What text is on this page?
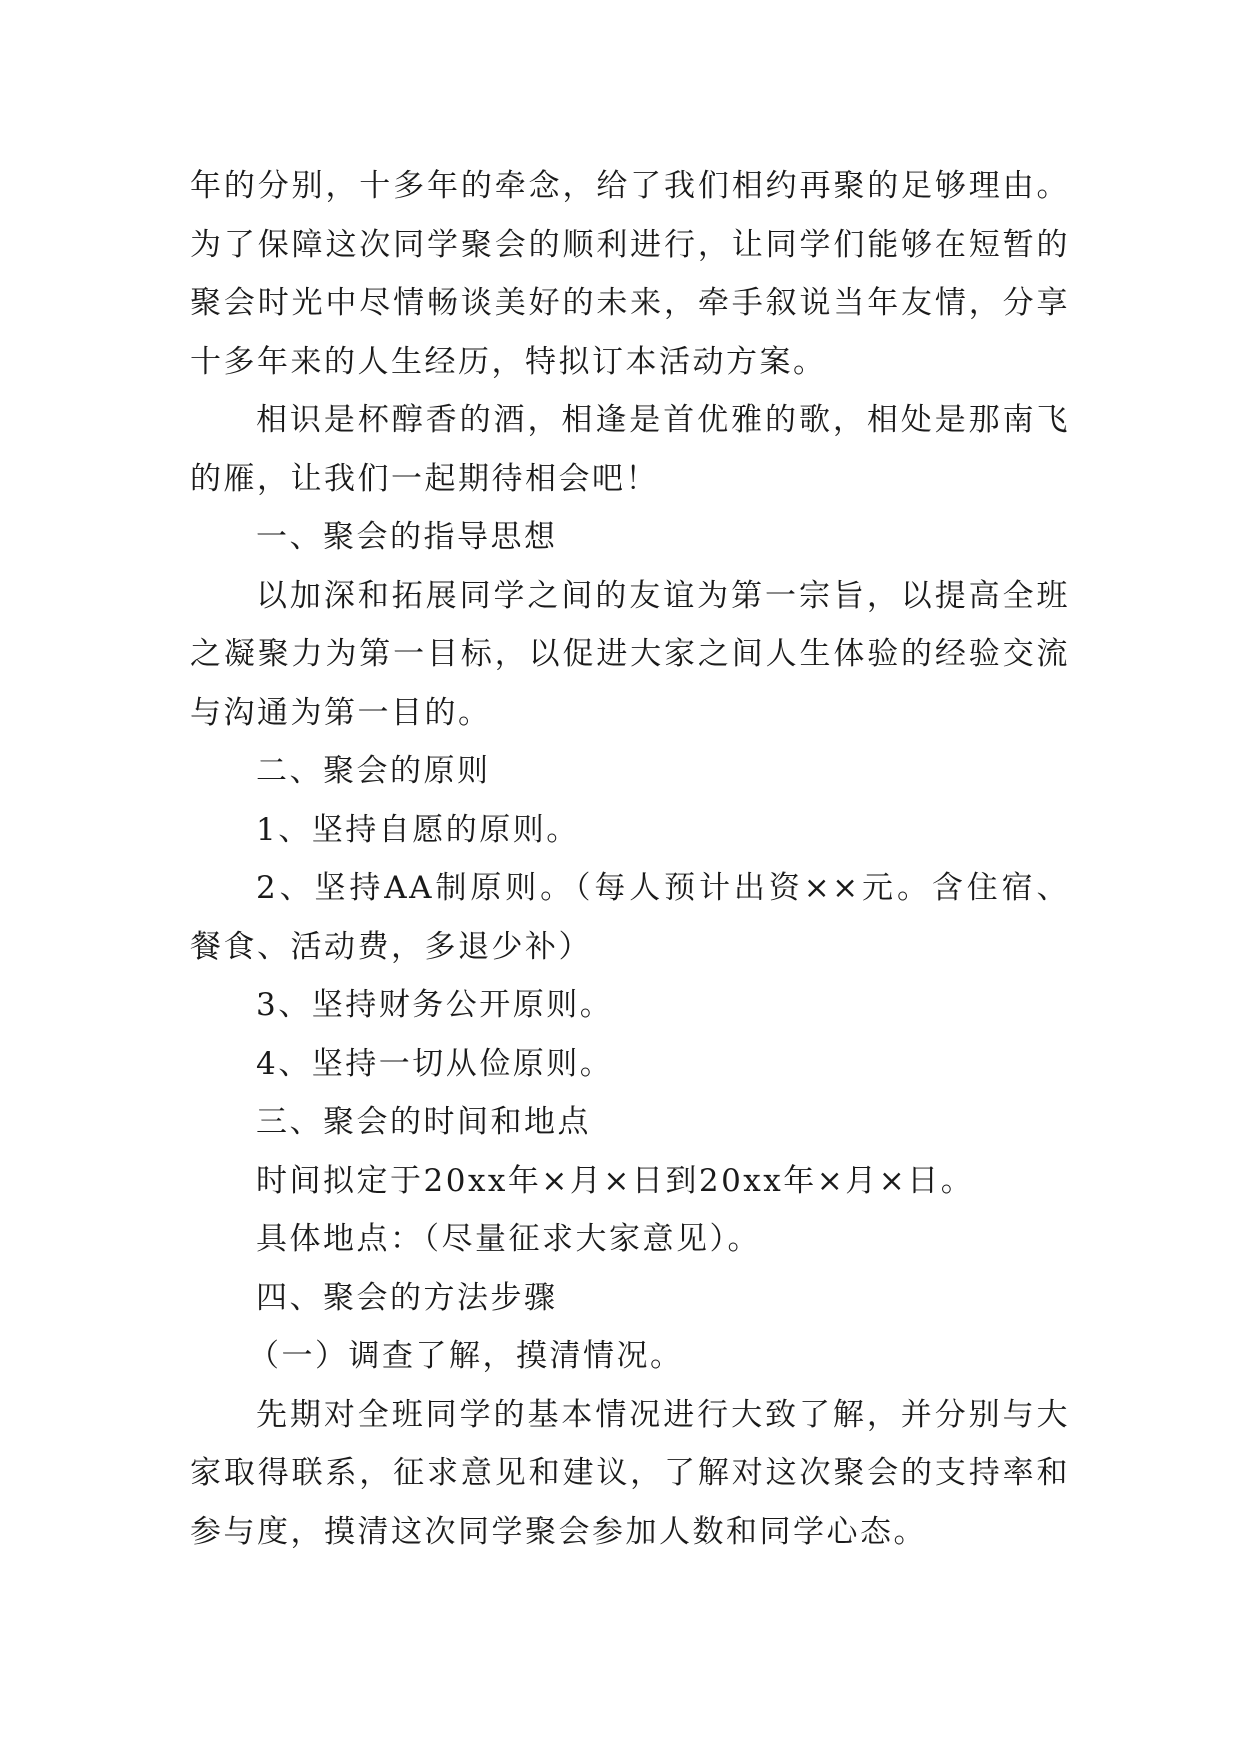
年的分别，十多年的牵念，给了我们相约再聚的足够理由。为了保障这次同学聚会的顺利进行，让同学们能够在短暂的聚会时光中尽情畅谈美好的未来，牵手叙说当年友情，分享十多年来的人生经历，特拟订本活动方案。

相识是杯醇香的酒，相逢是首优雅的歌，相处是那南飞的雁，让我们一起期待相会吧！

一、聚会的指导思想

以加深和拓展同学之间的友谊为第一宗旨，以提高全班之凝聚力为第一目标，以促进大家之间人生体验的经验交流与沟通为第一目的。

二、聚会的原则

1、坚持自愿的原则。

2、坚持AA制原则。（每人预计出资××元。含住宿、餐食、活动费，多退少补）

3、坚持财务公开原则。

4、坚持一切从俭原则。

三、聚会的时间和地点

时间拟定于20xx年×月×日到20xx年×月×日。

具体地点：（尽量征求大家意见）。

四、聚会的方法步骤

（一）调查了解，摸清情况。

先期对全班同学的基本情况进行大致了解，并分别与大家取得联系，征求意见和建议，了解对这次聚会的支持率和参与度，摸清这次同学聚会参加人数和同学心态。
